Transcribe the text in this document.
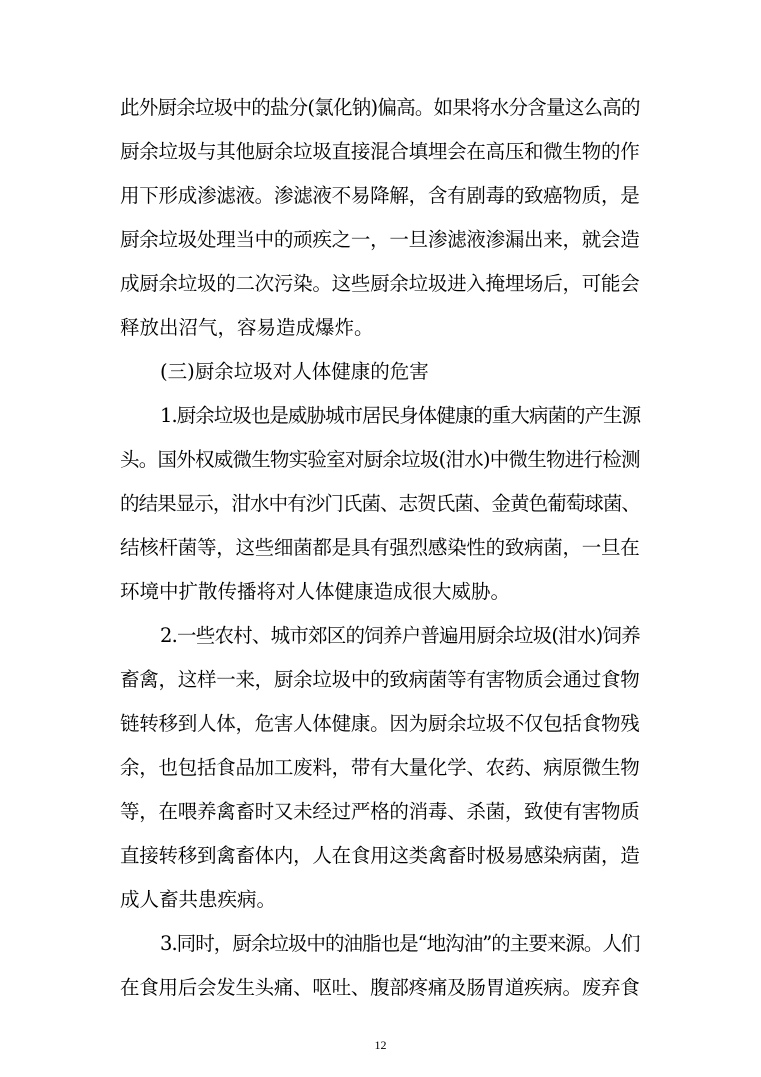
此外厨余垃圾中的盐分(氯化钠)偏高。如果将水分含量这么高的
厨余垃圾与其他厨余垃圾直接混合填埋会在高压和微生物的作
用下形成渗滤液。渗滤液不易降解，含有剧毒的致癌物质，是
厨余垃圾处理当中的顽疾之一，一旦渗滤液渗漏出来，就会造
成厨余垃圾的二次污染。这些厨余垃圾进入掩埋场后，可能会
释放出沼气，容易造成爆炸。
(三)厨余垃圾对人体健康的危害
1.厨余垃圾也是威胁城市居民身体健康的重大病菌的产生源
头。国外权威微生物实验室对厨余垃圾(泔水)中微生物进行检测
的结果显示，泔水中有沙门氏菌、志贺氏菌、金黄色葡萄球菌、
结核杆菌等，这些细菌都是具有强烈感染性的致病菌，一旦在
环境中扩散传播将对人体健康造成很大威胁。
2.一些农村、城市郊区的饲养户普遍用厨余垃圾(泔水)饲养
畜禽，这样一来，厨余垃圾中的致病菌等有害物质会通过食物
链转移到人体，危害人体健康。因为厨余垃圾不仅包括食物残
余，也包括食品加工废料，带有大量化学、农药、病原微生物
等，在喂养禽畜时又未经过严格的消毒、杀菌，致使有害物质
直接转移到禽畜体内，人在食用这类禽畜时极易感染病菌，造
成人畜共患疾病。
3.同时，厨余垃圾中的油脂也是“地沟油”的主要来源。人们
在食用后会发生头痛、呕吐、腹部疼痛及肠胃道疾病。废弃食
12
